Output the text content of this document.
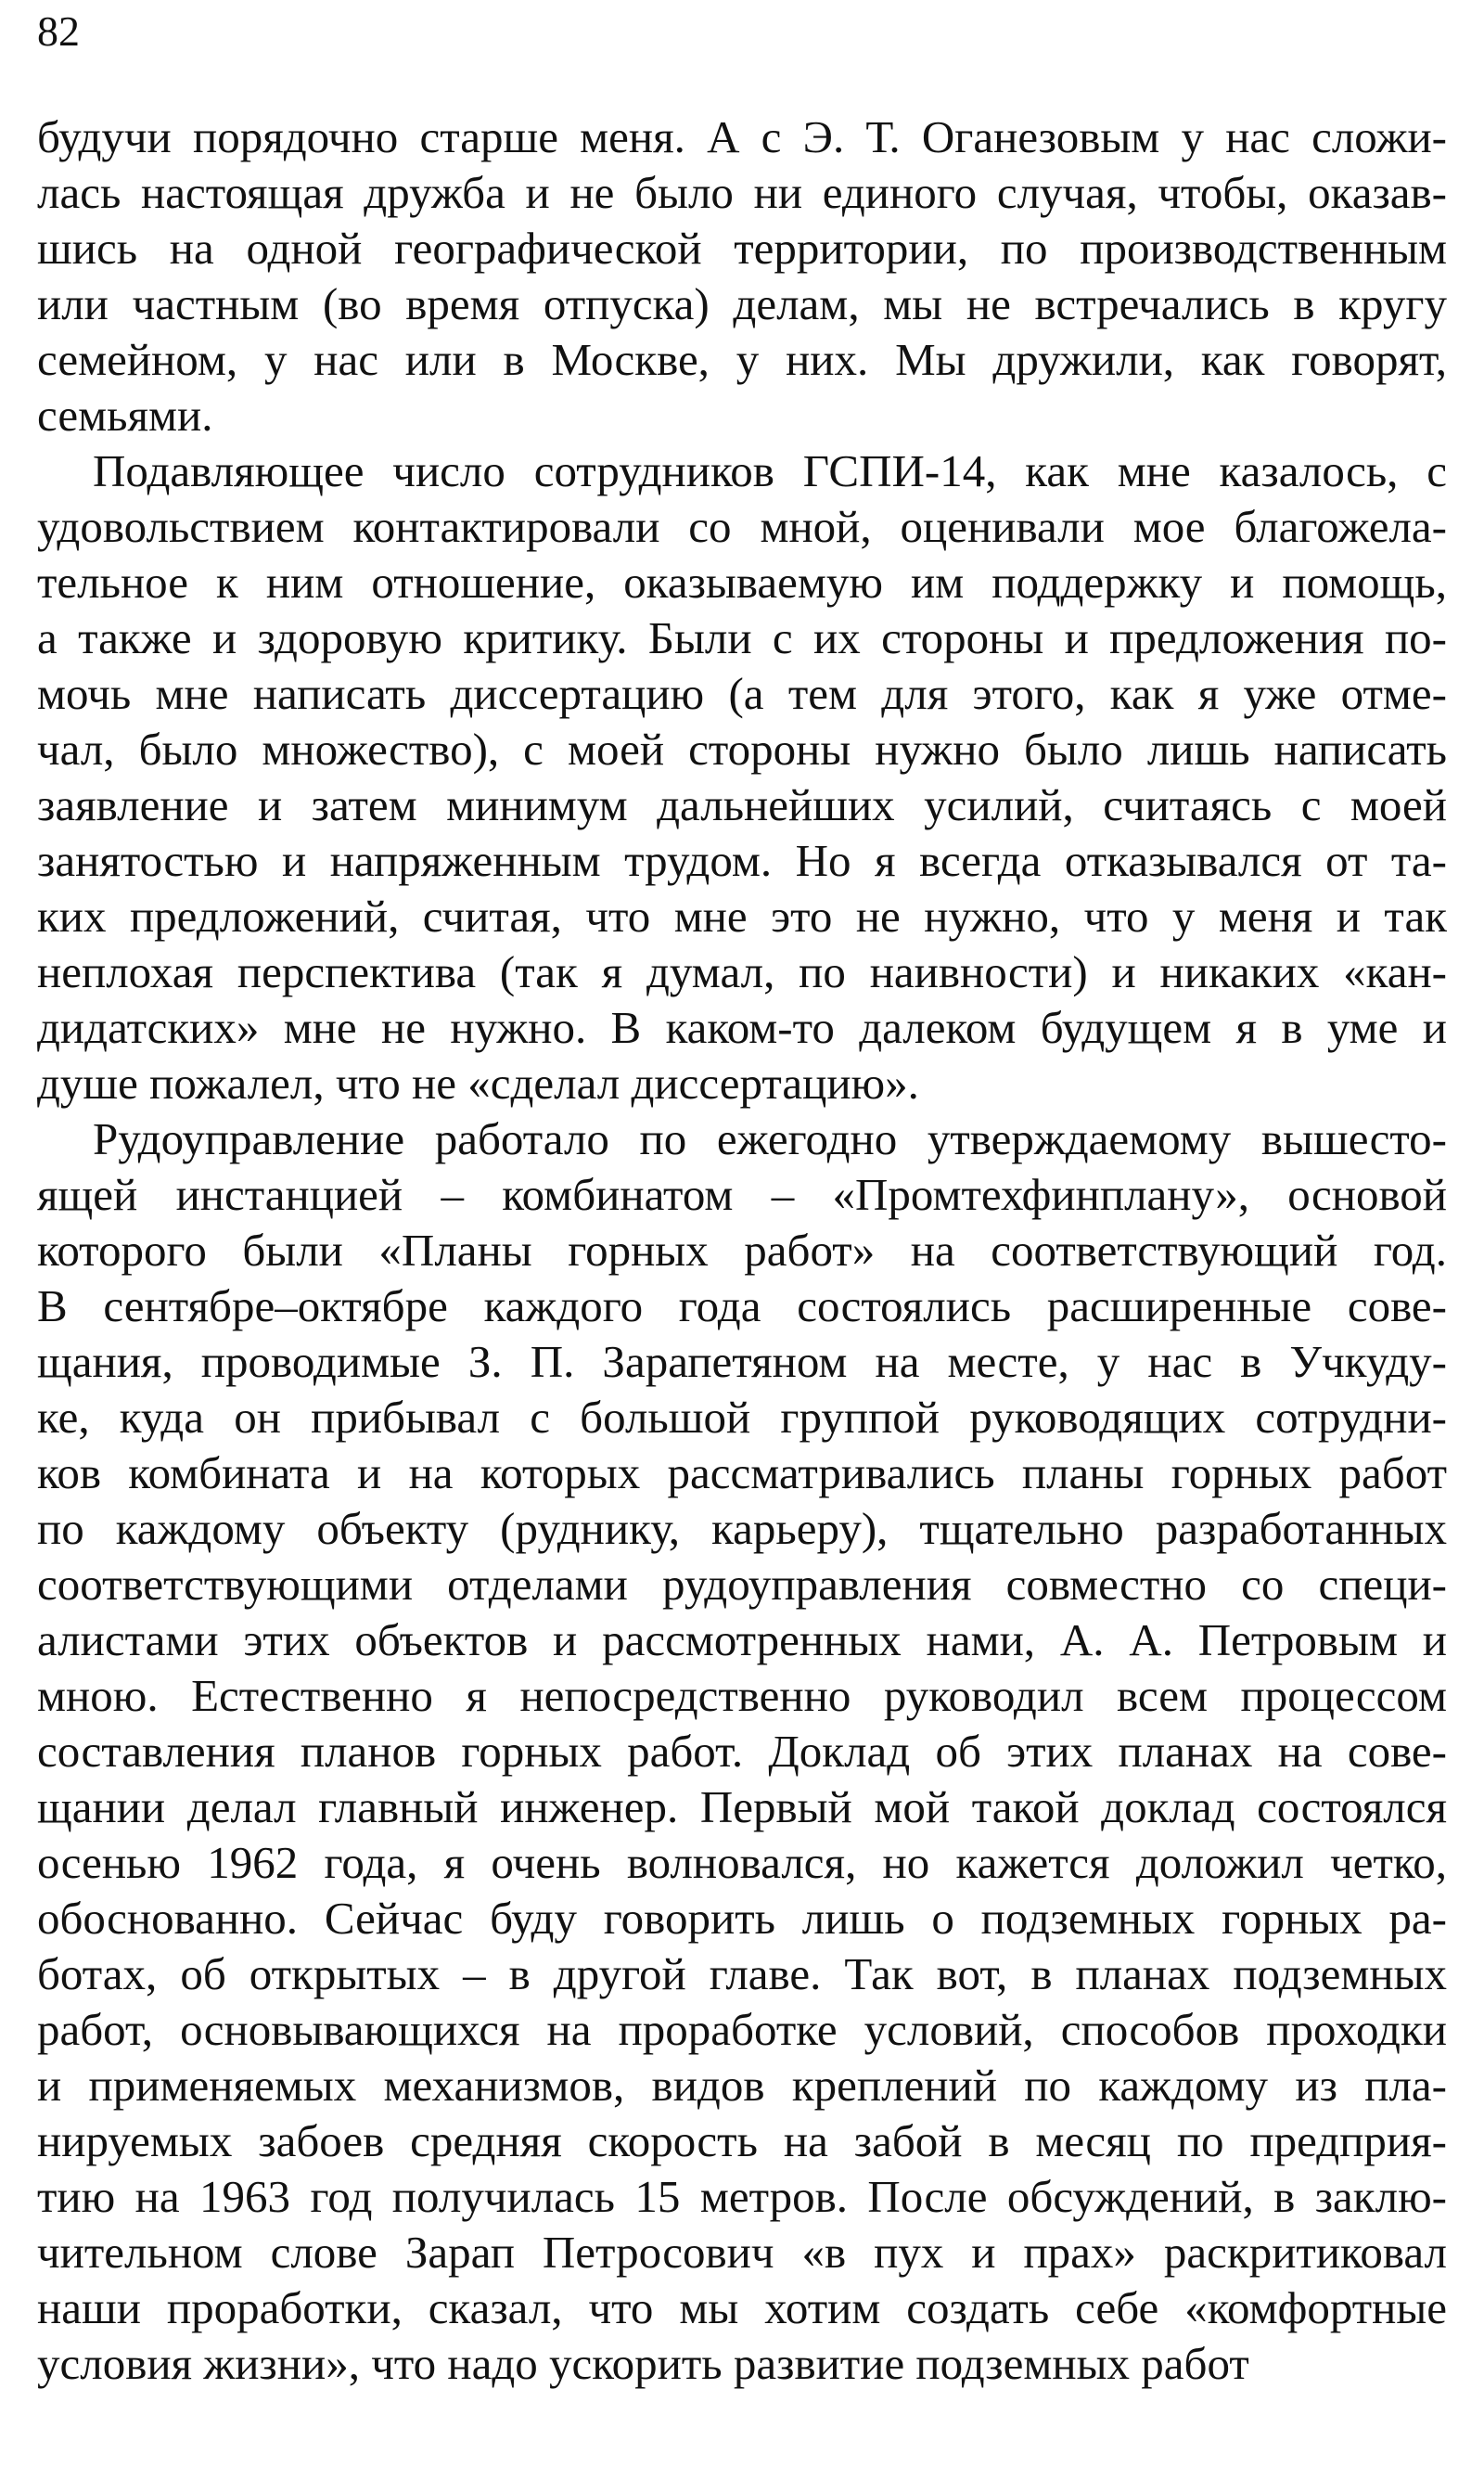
82
будучи порядочно старше меня. А с Э. Т. Оганезовым у нас сложи-
лась настоящая дружба и не было ни единого случая, чтобы, оказав-
шись на одной географической территории, по производственным
или частным (во время отпуска) делам, мы не встречались в кругу
семейном, у нас или в Москве, у них. Мы дружили, как говорят,
семьями.
Подавляющее число сотрудников ГСПИ-14, как мне казалось, с
удовольствием контактировали со мной, оценивали мое благожела-
тельное к ним отношение, оказываемую им поддержку и помощь,
а также и здоровую критику. Были с их стороны и предложения по-
мочь мне написать диссертацию (а тем для этого, как я уже отме-
чал, было множество), с моей стороны нужно было лишь написать
заявление и затем минимум дальнейших усилий, считаясь с моей
занятостью и напряженным трудом. Но я всегда отказывался от та-
ких предложений, считая, что мне это не нужно, что у меня и так
неплохая перспектива (так я думал, по наивности) и никаких «кан-
дидатских» мне не нужно. В каком-то далеком будущем я в уме и
душе пожалел, что не «сделал диссертацию».
Рудоуправление работало по ежегодно утверждаемому вышесто-
ящей инстанцией – комбинатом – «Промтехфинплану», основой
которого были «Планы горных работ» на соответствующий год.
В сентябре–октябре каждого года состоялись расширенные сове-
щания, проводимые З. П. Зарапетяном на месте, у нас в Учкуду-
ке, куда он прибывал с большой группой руководящих сотрудни-
ков комбината и на которых рассматривались планы горных работ
по каждому объекту (руднику, карьеру), тщательно разработанных
соответствующими отделами рудоуправления совместно со специ-
алистами этих объектов и рассмотренных нами, А. А. Петровым и
мною. Естественно я непосредственно руководил всем процессом
составления планов горных работ. Доклад об этих планах на сове-
щании делал главный инженер. Первый мой такой доклад состоялся
осенью 1962 года, я очень волновался, но кажется доложил четко,
обоснованно. Сейчас буду говорить лишь о подземных горных ра-
ботах, об открытых – в другой главе. Так вот, в планах подземных
работ, основывающихся на проработке условий, способов проходки
и применяемых механизмов, видов креплений по каждому из пла-
нируемых забоев средняя скорость на забой в месяц по предприя-
тию на 1963 год получилась 15 метров. После обсуждений, в заклю-
чительном слове Зарап Петросович «в пух и прах» раскритиковал
наши проработки, сказал, что мы хотим создать себе «комфортные
условия жизни», что надо ускорить развитие подземных работ
